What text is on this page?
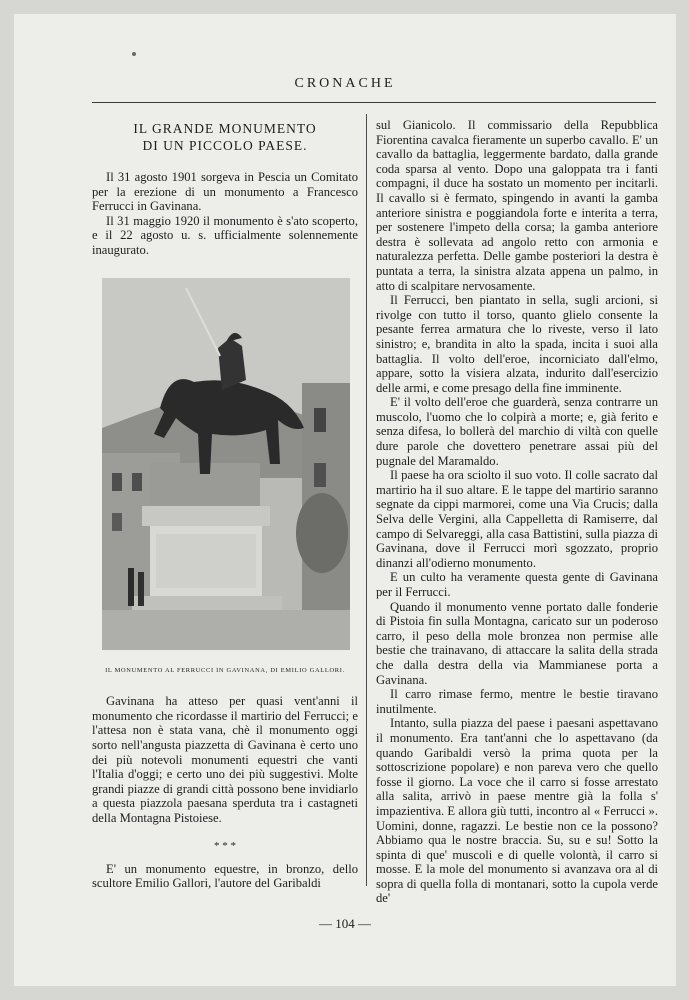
CRONACHE
IL GRANDE MONUMENTO
DI UN PICCOLO PAESE.

Il 31 agosto 1901 sorgeva in Pescia un Comitato per la erezione di un monumento a Francesco Ferrucci in Gavinana.

Il 31 maggio 1920 il monumento è s'ato scoperto, e il 22 agosto u. s. ufficialmente solennemente inaugurato.

IL MONUMENTO AL FERRUCCI IN GAVINANA, DI EMILIO GALLORI.

Gavinana ha atteso per quasi vent'anni il monumento che ricordasse il martirio del Ferrucci; e l'attesa non è stata vana, chè il monumento oggi sorto nell'angusta piazzetta di Gavinana è certo uno dei più notevoli monumenti equestri che vanti l'Italia d'oggi; e certo uno dei più suggestivi. Molte grandi piazze di grandi città possono bene invidiarlo a questa piazzola paesana sperduta tra i castagneti della Montagna Pistoiese.

* * *

E' un monumento equestre, in bronzo, dello scultore Emilio Gallori, l'autore del Garibaldi

sul Gianicolo. Il commissario della Repubblica Fiorentina cavalca fieramente un superbo cavallo. E' un cavallo da battaglia, leggermente bardato, dalla grande coda sparsa al vento. Dopo una galoppata tra i fanti compagni, il duce ha sostato un momento per incitarli. Il cavallo si è fermato, spingendo in avanti la gamba anteriore sinistra e poggiandola forte e interita a terra, per sostenere l'impeto della corsa; la gamba anteriore destra è sollevata ad angolo retto con armonia e naturalezza perfetta. Delle gambe posteriori la destra è puntata a terra, la sinistra alzata appena un palmo, in atto di scalpitare nervosamente.

Il Ferrucci, ben piantato in sella, sugli arcioni, si rivolge con tutto il torso, quanto glielo consente la pesante ferrea armatura che lo riveste, verso il lato sinistro; e, brandita in alto la spada, incita i suoi alla battaglia. Il volto dell'eroe, incorniciato dall'elmo, appare, sotto la visiera alzata, indurito dall'esercizio delle armi, e come presago della fine imminente.

E' il volto dell'eroe che guarderà, senza contrarre un muscolo, l'uomo che lo colpirà a morte; e, già ferito e senza difesa, lo bollerà del marchio di viltà con quelle dure parole che dovettero penetrare assai più del pugnale del Maramaldo.

Il paese ha ora sciolto il suo voto. Il colle sacrato dal martirio ha il suo altare. E le tappe del martirio saranno segnate da cippi marmorei, come una Via Crucis; dalla Selva delle Vergini, alla Cappelletta di Ramiserre, dal campo di Selvareggi, alla casa Battistini, sulla piazza di Gavinana, dove il Ferrucci morì sgozzato, proprio dinanzi all'odierno monumento.

E un culto ha veramente questa gente di Gavinana per il Ferrucci.

Quando il monumento venne portato dalle fonderie di Pistoia fin sulla Montagna, caricato sur un poderoso carro, il peso della mole bronzea non permise alle bestie che trainavano, di attaccare la salita della strada che dalla destra della via Mammianese porta a Gavinana.

Il carro rimase fermo, mentre le bestie tiravano inutilmente.

Intanto, sulla piazza del paese i paesani aspettavano il monumento. Era tant'anni che lo aspettavano (da quando Garibaldi versò la prima quota per la sottoscrizione popolare) e non pareva vero che quello fosse il giorno. La voce che il carro si fosse arrestato alla salita, arrivò in paese mentre già la folla s' impazientiva. E allora giù tutti, incontro al « Ferrucci ». Uomini, donne, ragazzi. Le bestie non ce la possono? Abbiamo qua le nostre braccia. Su, su e su! Sotto la spinta di que' muscoli e di quelle volontà, il carro si mosse. E la mole del monumento si avanzava ora al di sopra di quella folla di montanari, sotto la cupola verde de'

— 104 —
